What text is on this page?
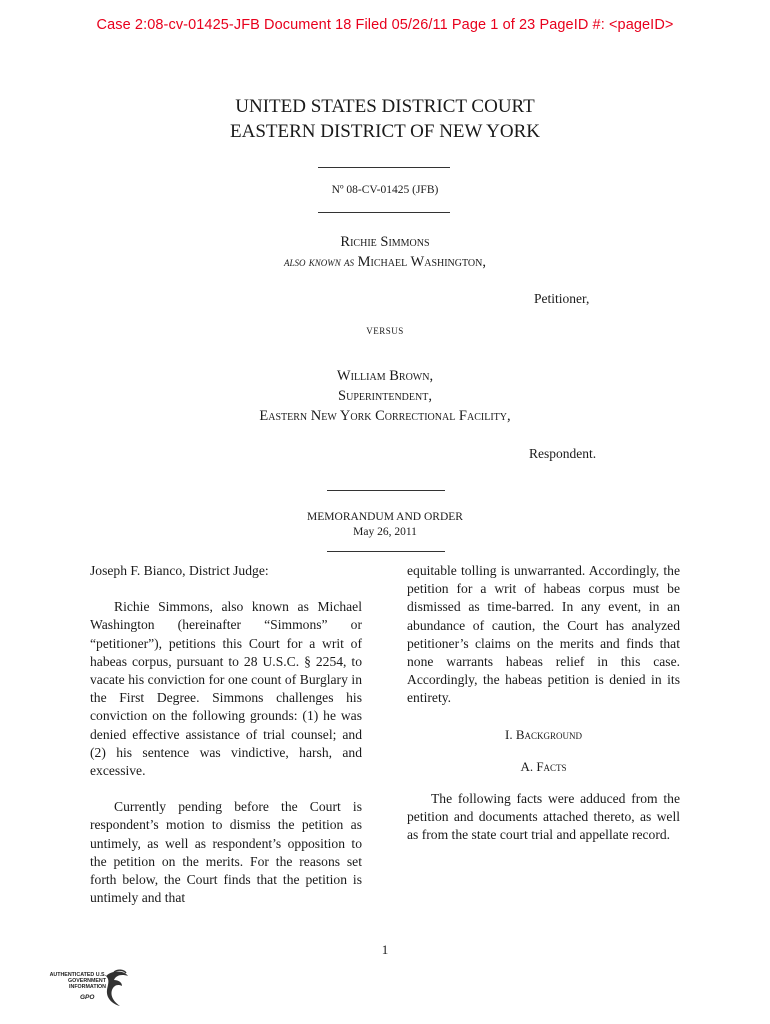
Case 2:08-cv-01425-JFB Document 18 Filed 05/26/11 Page 1 of 23 PageID #: <pageID>
UNITED STATES DISTRICT COURT
EASTERN DISTRICT OF NEW YORK
Nº 08-CV-01425 (JFB)
Richie Simmons
also known as Michael Washington,
Petitioner,
VERSUS
William Brown,
Superintendent,
Eastern New York Correctional Facility,
Respondent.
MEMORANDUM AND ORDER
May 26, 2011

Joseph F. Bianco, District Judge:

Richie Simmons, also known as Michael Washington (hereinafter “Simmons” or “petitioner”), petitions this Court for a writ of habeas corpus, pursuant to 28 U.S.C. § 2254, to vacate his conviction for one count of Burglary in the First Degree. Simmons challenges his conviction on the following grounds: (1) he was denied effective assistance of trial counsel; and (2) his sentence was vindictive, harsh, and excessive.

Currently pending before the Court is respondent’s motion to dismiss the petition as untimely, as well as respondent’s opposition to the petition on the merits. For the reasons set forth below, the Court finds that the petition is untimely and that

equitable tolling is unwarranted. Accordingly, the petition for a writ of habeas corpus must be dismissed as time-barred. In any event, in an abundance of caution, the Court has analyzed petitioner’s claims on the merits and finds that none warrants habeas relief in this case. Accordingly, the habeas petition is denied in its entirety.

I. Background

A. Facts

The following facts were adduced from the petition and documents attached thereto, as well as from the state court trial and appellate record.

1
AUTHENTICATED U.S. GOVERNMENT INFORMATION
GPO
